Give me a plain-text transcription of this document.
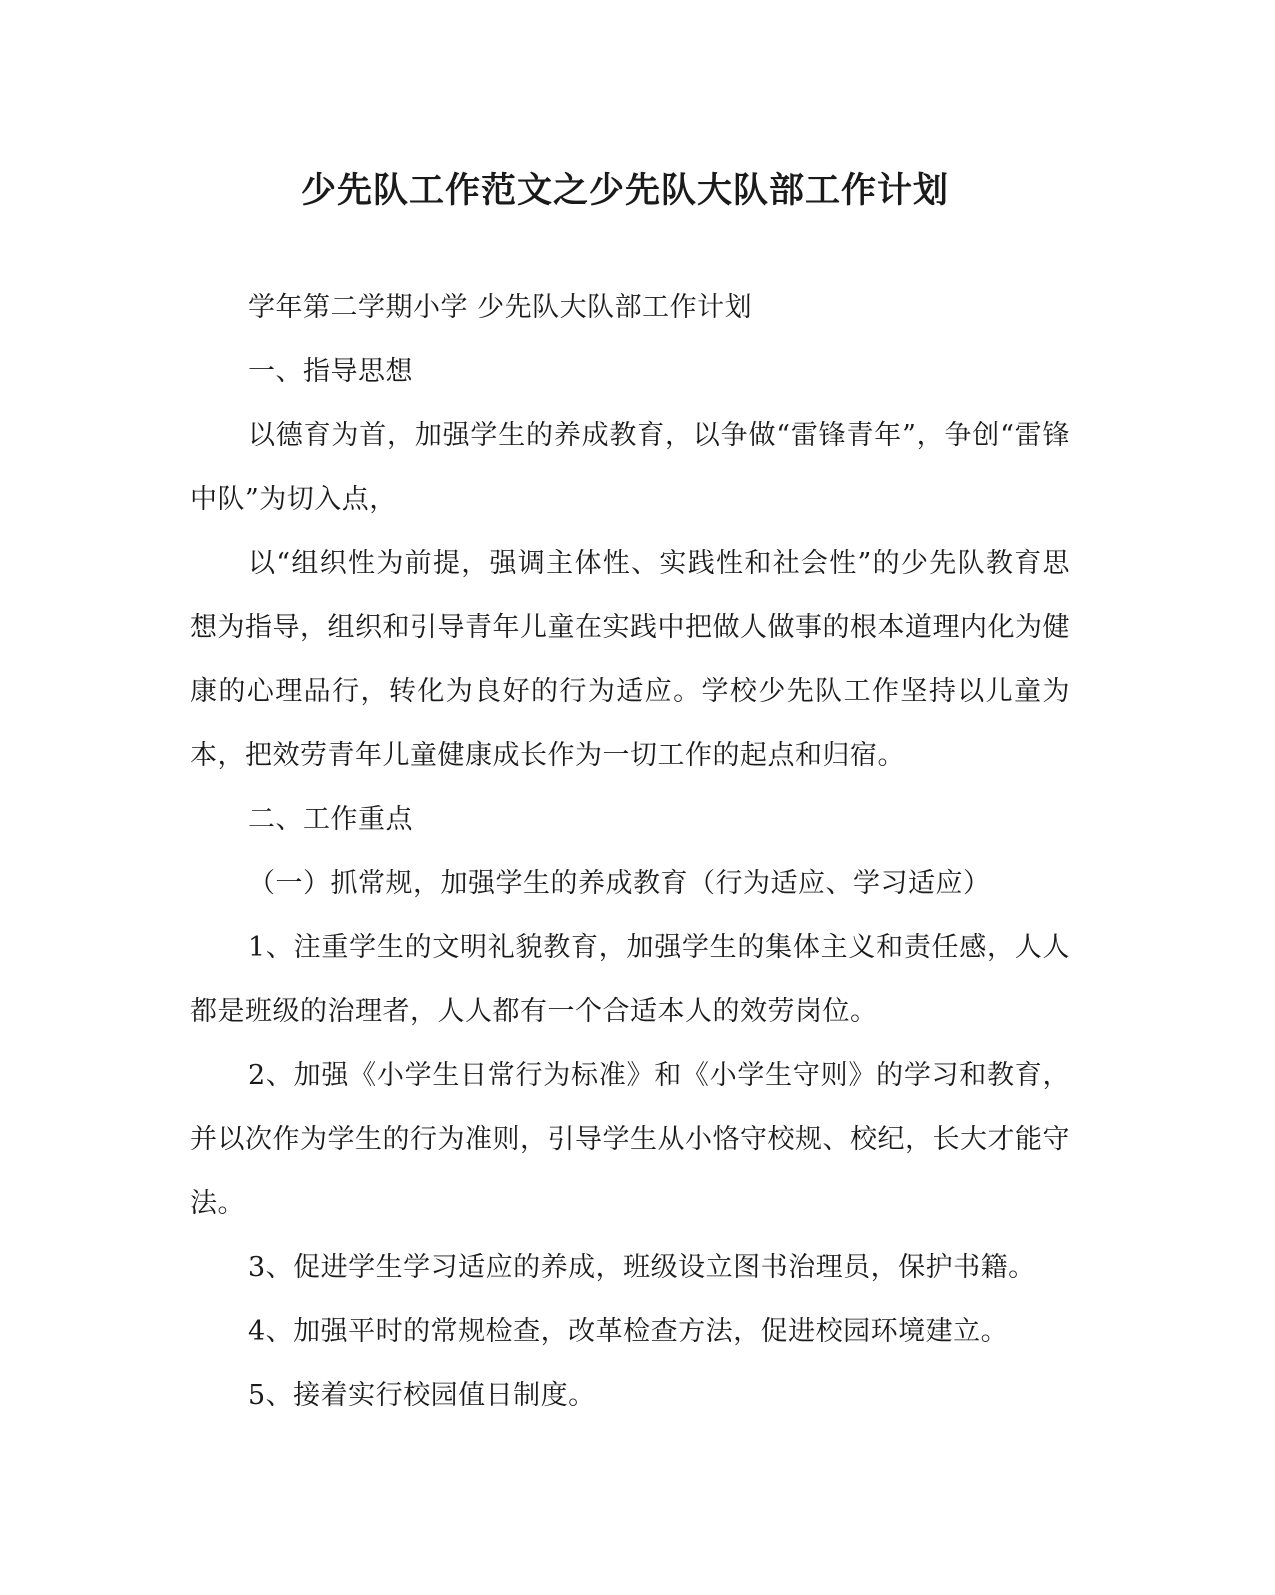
少先队工作范文之少先队大队部工作计划

学年第二学期小学 少先队大队部工作计划

一、指导思想

以德育为首，加强学生的养成教育，以争做“雷锋青年”，争创“雷锋中队”为切入点，

以“组织性为前提，强调主体性、实践性和社会性”的少先队教育思想为指导，组织和引导青年儿童在实践中把做人做事的根本道理内化为健康的心理品行，转化为良好的行为适应。学校少先队工作坚持以儿童为本，把效劳青年儿童健康成长作为一切工作的起点和归宿。

二、工作重点

（一）抓常规，加强学生的养成教育（行为适应、学习适应）

1、注重学生的文明礼貌教育，加强学生的集体主义和责任感，人人都是班级的治理者，人人都有一个合适本人的效劳岗位。

2、加强《小学生日常行为标准》和《小学生守则》的学习和教育，并以次作为学生的行为准则，引导学生从小恪守校规、校纪，长大才能守法。

3、促进学生学习适应的养成，班级设立图书治理员，保护书籍。

4、加强平时的常规检查，改革检查方法，促进校园环境建立。

5、接着实行校园值日制度。
